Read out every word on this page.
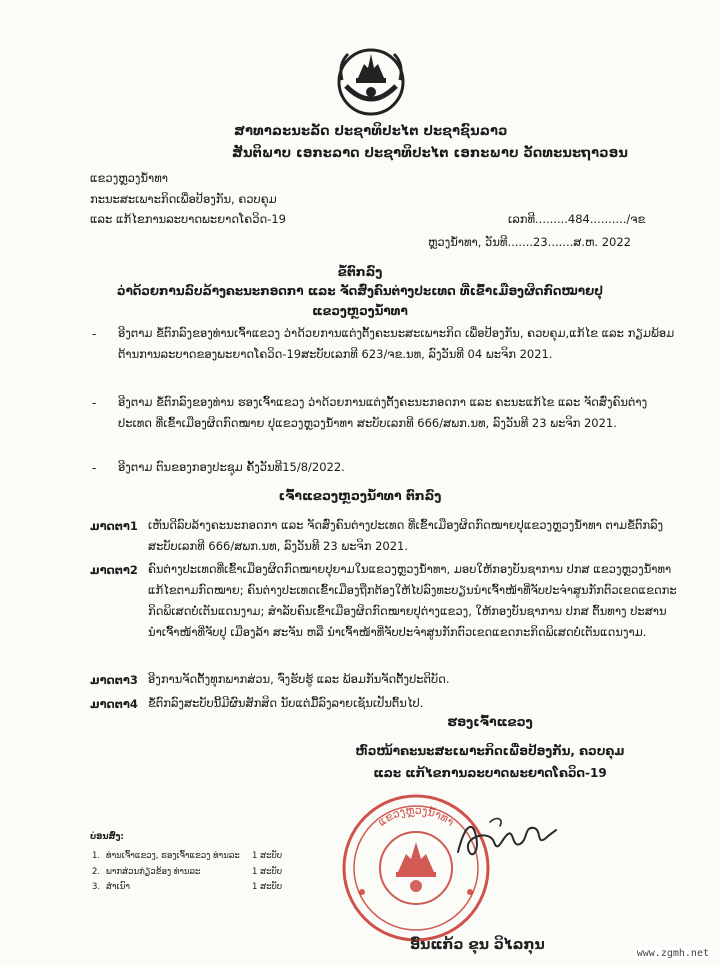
ສາທາລະນະລັດ ປະຊາທິປະໄຕ ປະຊາຊົນລາວ
ສັນຕິພາບ ເອກະລາດ ປະຊາທິປະໄຕ ເອກະພາບ ວັດທະນະຖາວອນ
ແຂວງຫຼວງນໍ້າທາ
ກະນະສະເພາະກິດເພື່ອປ້ອງກັນ, ຄວບຄຸມ
ແລະ ແກ້ໄຂການລະບາດພະຍາດໂຄວິດ-19	ເລກທີ.........484........../ຈຂ
ຫຼວງນໍ້າທາ, ວັນທີ.......23.......ສ.ຫ. 2022
ຂໍ້ຕົກລົງ
ວ່າດ້ວຍການລົບລ້າງຄະນະກອດກາ ແລະ ຈັດສົ່ງຄົນຕ່າງປະເທດ ທີ່ເຂົ້າເມືອງຜິດກົດໝາຍປຸ
ແຂວງຫຼວງນໍ້າທາ
- ອີງຕາມ ຂໍ້ຕົກລົງຂອງທ່ານເຈົ້າແຂວງ ວ່າດ້ວຍການແຕ່ງຕັ້ງຄະນະສະເພາະກິດ ເພື່ອປ້ອງກັນ, ຄວບຄຸມ,ແກ້ໄຂ ແລະ ກຽມພ້ອມຕ້ານການລະບາດຂອງພະຍາດໂຄວິດ-19ສະບັບເລກທີ 623/ຈຂ.ນທ, ລົງວັນທີ 04 ພະຈິກ 2021.
- ອີງຕາມ ຂໍ້ຕົກລົງຂອງທ່ານ ຮອງເຈົ້າແຂວງ ວ່າດ້ວຍການແຕ່ງຕັ້ງຄະນະກອດກາ ແລະ ຄະນະແກ້ໄຂ ແລະ ຈັດສົ່ງຄົນຕ່າງປະເທດ ທີ່ເຂົ້າເມືອງຜິດກົດໝາຍ ປຸແຂວງຫຼວງນໍ້າທາ ສະບັບເລກທີ 666/ສພກ.ນທ, ລົງວັນທີ 23 ພະຈິກ 2021.
- ອີງຕາມ ຕົນຂອງກອງປະຊຸມ ຄັ້ງວັນທີ15/8/2022.
ເຈົ້າແຂວງຫຼວງນໍ້າທາ ຕົກລົງ
ມາດຕາ1 ເຫັນດີລົບລ້າງຄະນະກອດກາ ແລະ ຈັດສົ່ງຄົນຕ່າງປະເທດ ທີ່ເຂົ້າເມືອງຜິດກົດໝາຍປຸແຂວງຫຼວງນໍ້າທາ ຕາມຂໍ້ຕົກລົງ ສະບັບເລກທີ 666/ສພກ.ນທ, ລົງວັນທີ 23 ພະຈິກ 2021.
ມາດຕາ2 ຄົນຕ່າງປະເທດທີ່ເຂົ້າເມືອງຜິດກົດໝາຍປຸຍາມໃນແຂວງຫຼວງນໍ້າທາ, ມອບໃຫ້ກອງບັນຊາການ ປກສ ແຂວງຫຼວງນໍ້າທາ ແກ້ໄຂຕາມກົດໝາຍ; ຄົນຕ່າງປະເທດເຂົ້າເມືອງຖືກຕ້ອງໃຫ້ໄປລົງທະບຽນນໍາເຈົ້າໜ້າທີ່ຈັບປະຈໍາສູນກັກຕົວເຂດແຂດກະກິດພິເສດບໍ່ເຕັນແດນງາມ; ສໍາລັບຄົນເຂົ້າເມືອງຜິດກົດໝາຍປຸຕ່າງແຂວງ, ໃຫ້ກອງບັນຊາການ ປກສ ຕົ້ນທາງ ປະສານນໍາເຈົ້າໜ້າທີ່ຈັບປຸ ເມືອງລ້າ ສະຈັນ ຫລື ນໍາເຈົ້າໜ້າທີ່ຈັບປະຈໍາສູນກັກຕົວເຂດແຂດກະກິດພິເສດບໍ່ເຕັນແດນງາມ.
ມາດຕາ3 ອີງການຈັດຕັ້ງທຸກພາກສ່ວນ, ຈົ່ງຮັບຮູ້ ແລະ ພ້ອມກັນຈັດຕັ້ງປະຕິບັດ.
ມາດຕາ4 ຂໍ້ຕົກລົງສະບັບນີ້ມີຜົນສັກສິດ ນັບແຕ່ມື້ລົງລາຍເຊັນເປັນຕົ້ນໄປ.
ຮອງເຈົ້າແຂວງ
ຫົວໜ້າຄະນະສະເພາະກິດເພື່ອປ້ອງກັນ, ຄວບຄຸມ
ແລະ ແກ້ໄຂການລະບາດພະຍາດໂຄວິດ-19
ບ່ອນສົ່ງ:
1. ທ່ານເຈົ້າແຂວງ, ຮອງເຈົ້າແຂວງ ທ່ານລະ 1 ສະບັບ
2. ພາກສ່ວນກ່ຽວຂ້ອງ ທ່ານລະ	1 ສະບັບ
3. ສໍາເນົາ	1 ສະບັບ
ແຂວງຫຼວງນໍ້າທາ
ອົ່ນແກ້ວ ຂຸນ ວິໄລກຸນ
www.zgmh.net
